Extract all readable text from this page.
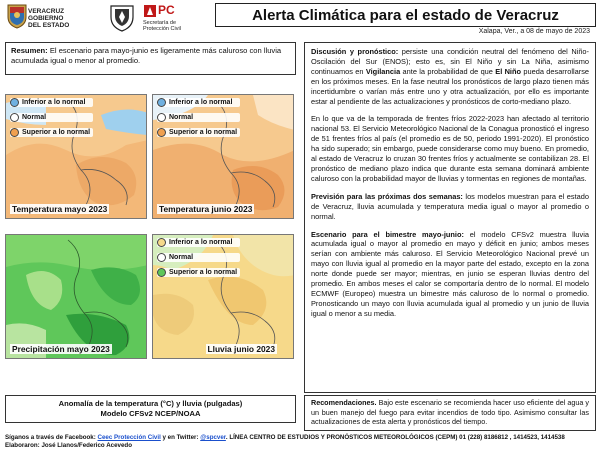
VERACRUZ
GOBIERNO
DEL ESTADO
PC
Secretaría de
Protección Civil
Alerta Climática para el estado de Veracruz
Xalapa, Ver., a 08 de mayo de 2023
Resumen: El escenario para mayo-junio es ligeramente más caluroso con lluvia acumulada igual o menor al promedio.
Inferior a lo normal
Normal
Superior a lo normal
Temperatura mayo 2023
Inferior a lo normal
Normal
Superior a lo normal
Temperatura junio 2023
Precipitación mayo 2023
Inferior a lo normal
Normal
Superior a lo normal
Lluvia junio 2023
Anomalía de la temperatura (°C) y lluvia (pulgadas)
Modelo CFSv2 NCEP/NOAA

Discusión y pronóstico: persiste una condición neutral del fenómeno del Niño-Oscilación del Sur (ENOS); esto es, sin El Niño y sin La Niña, asimismo continuamos en Vigilancia ante la probabilidad de que El Niño pueda desarrollarse en los próximos meses. En la fase neutral los pronósticos de largo plazo tienen más incertidumbre o varían más entre uno y otra actualización, por ello es importante estar al pendiente de las actualizaciones y pronósticos de corto-mediano plazo.

En lo que va de la temporada de frentes fríos 2022-2023 han afectado al territorio nacional 53. El Servicio Meteorológico Nacional de la Conagua pronosticó el ingreso de 51 frentes fríos al país (el promedio es de 50, periodo 1991-2020). El pronóstico ha sido superado; sin embargo, puede considerarse como muy bueno. En promedio, al estado de Veracruz lo cruzan 30 frentes fríos y actualmente se contabilizan 28. El pronóstico de mediano plazo indica que durante esta semana dominará ambiente caluroso con la probabilidad mayor de lluvias y tormentas en regiones de montañas.

Previsión para las próximas dos semanas: los modelos muestran para el estado de Veracruz, lluvia acumulada y temperatura media igual o mayor al promedio o normal.

Escenario para el bimestre mayo-junio: el modelo CFSv2 muestra lluvia acumulada igual o mayor al promedio en mayo y déficit en junio; ambos meses serían con ambiente más caluroso. El Servicio Meteorológico Nacional prevé un mayo con lluvia igual al promedio en la mayor parte del estado, excepto en la zona norte donde puede ser mayor; mientras, en junio se esperan lluvias dentro del promedio. En ambos meses el calor se comportaría dentro de lo normal. El modelo ECMWF (Europeo) muestra un bimestre más caluroso de lo normal o promedio. Pronosticando un mayo con lluvia acumulada igual al promedio y un junio de lluvia igual o menor a su media.

Recomendaciones. Bajo este escenario se recomienda hacer uso eficiente del agua y un buen manejo del fuego para evitar incendios de todo tipo. Asimismo consultar las actualizaciones de esta alerta y pronósticos del tiempo.
Síganos a través de Facebook: Ceec Protección Civil y en Twitter: @spcver. LÍNEA CENTRO DE ESTUDIOS Y PRONÓSTICOS METEOROLÓGICOS (CEPM) 01 (228) 8186812 , 1414523, 1414538
Elaboraron: José Llanos/Federico Acevedo
